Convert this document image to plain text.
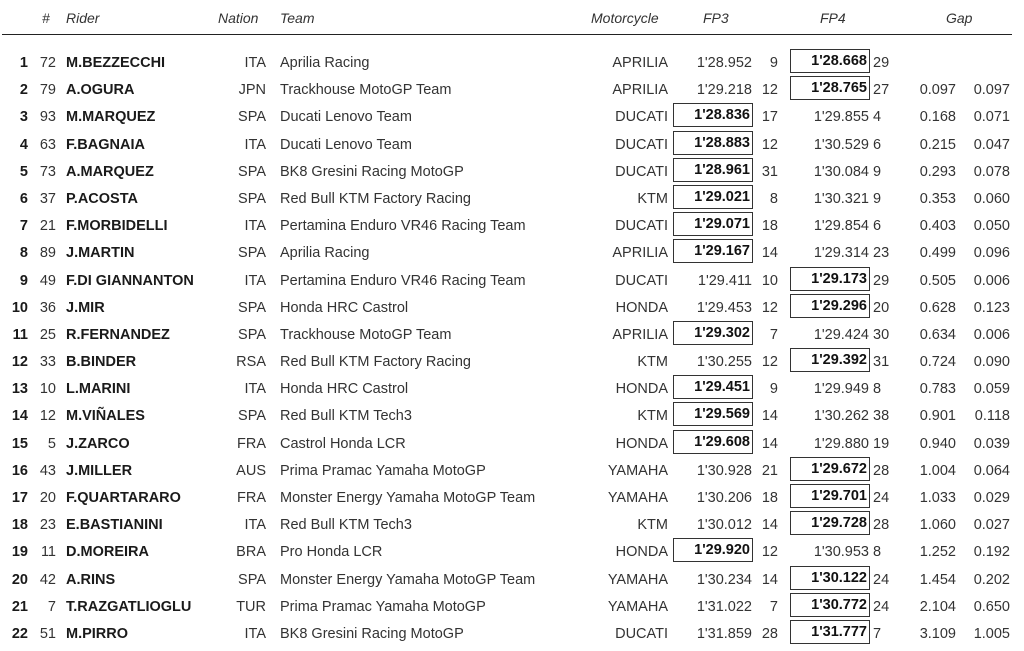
# Rider	Nation Team	Motorcycle	FP3	FP4	Gap
1 72 M.BEZZECCHI	ITA Aprilia Racing	APRILIA	1'28.952	9	1'28.668 29
2 79 A.OGURA	JPN Trackhouse MotoGP Team	APRILIA	1'29.218 12	1'28.765 27	0.097	0.097
3 93 M.MARQUEZ	SPA Ducati Lenovo Team	DUCATI	1'28.836 17	1'29.855 4	0.168	0.071
4 63 F.BAGNAIA	ITA Ducati Lenovo Team	DUCATI	1'28.883 12	1'30.529 6	0.215	0.047
5 73 A.MARQUEZ	SPA BK8 Gresini Racing MotoGP	DUCATI	1'28.961 31	1'30.084 9	0.293	0.078
6 37 P.ACOSTA	SPA Red Bull KTM Factory Racing	KTM	1'29.021	8	1'30.321 9	0.353	0.060
7 21 F.MORBIDELLI	ITA Pertamina Enduro VR46 Racing Team	DUCATI	1'29.071 18	1'29.854 6	0.403	0.050
8 89 J.MARTIN	SPA Aprilia Racing	APRILIA	1'29.167 14	1'29.314 23	0.499	0.096
9 49 F.DI GIANNANTON	ITA Pertamina Enduro VR46 Racing Team	DUCATI	1'29.411 10	1'29.173 29	0.505	0.006
10 36 J.MIR	SPA Honda HRC Castrol	HONDA	1'29.453 12	1'29.296 20	0.628	0.123
11 25 R.FERNANDEZ	SPA Trackhouse MotoGP Team	APRILIA	1'29.302	7	1'29.424 30	0.634	0.006
12 33 B.BINDER	RSA Red Bull KTM Factory Racing	KTM	1'30.255 12	1'29.392 31	0.724	0.090
13 10 L.MARINI	ITA Honda HRC Castrol	HONDA	1'29.451	9	1'29.949 8	0.783	0.059
14 12 M.VIÑALES	SPA Red Bull KTM Tech3	KTM	1'29.569 14	1'30.262 38	0.901	0.118
15	5 J.ZARCO	FRA Castrol Honda LCR	HONDA	1'29.608 14	1'29.880 19	0.940	0.039
16 43 J.MILLER	AUS Prima Pramac Yamaha MotoGP	YAMAHA	1'30.928 21	1'29.672 28	1.004	0.064
17 20 F.QUARTARARO	FRA Monster Energy Yamaha MotoGP Team	YAMAHA	1'30.206 18	1'29.701 24	1.033	0.029
18 23 E.BASTIANINI	ITA Red Bull KTM Tech3	KTM	1'30.012 14	1'29.728 28	1.060	0.027
19 11 D.MOREIRA	BRA Pro Honda LCR	HONDA	1'29.920 12	1'30.953 8	1.252	0.192
20 42 A.RINS	SPA Monster Energy Yamaha MotoGP Team	YAMAHA	1'30.234 14	1'30.122 24	1.454	0.202
21	7 T.RAZGATLIOGLU	TUR Prima Pramac Yamaha MotoGP	YAMAHA	1'31.022	7	1'30.772 24	2.104	0.650
22 51 M.PIRRO	ITA BK8 Gresini Racing MotoGP	DUCATI	1'31.859 28	1'31.777 7	3.109	1.005
